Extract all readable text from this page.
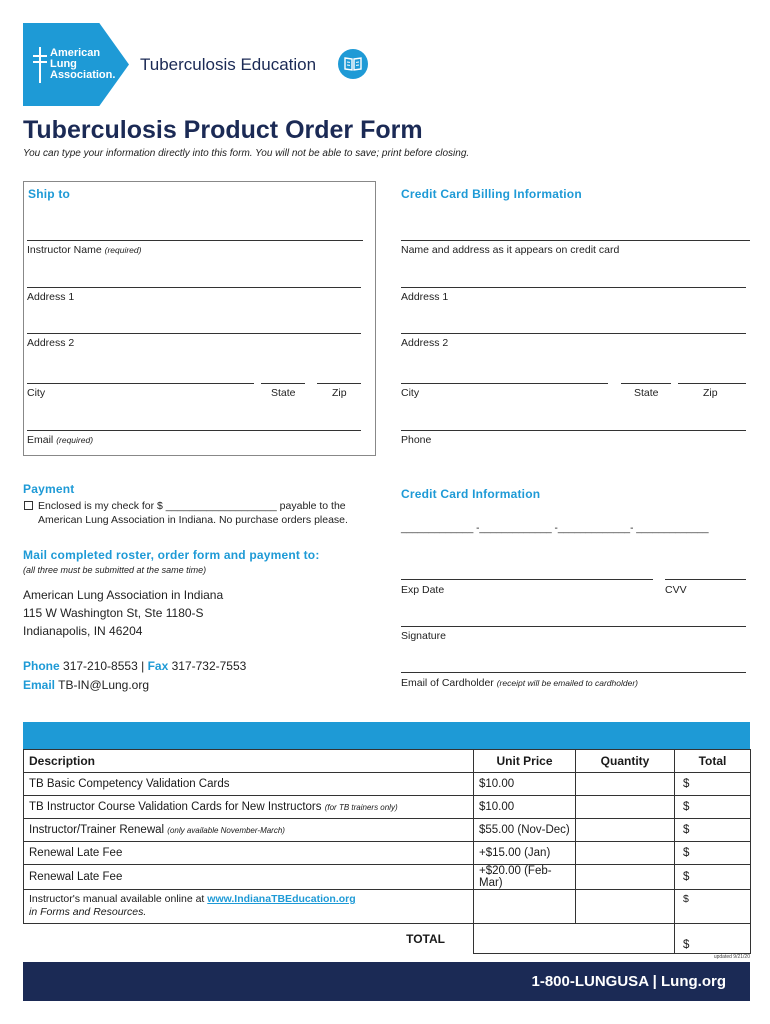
American
Lung
Association.
Tuberculosis Education
Tuberculosis Product Order Form
You can type your information directly into this form. You will not be able to save; print before closing.
Ship to
Instructor Name (required)
Address 1
Address 2
City	State	Zip
Email (required)
Credit Card Billing Information
Name and address as it appears on credit card
Address 1
Address 2
City	State	Zip
Phone
Payment
Enclosed is my check for $ ___________________ payable to the
American Lung Association in Indiana. No purchase orders please.
Credit Card Information
_____________ -_____________ -_____________- _____________
Exp Date	CVV
Signature
Email of Cardholder (receipt will be emailed to cardholder)
Mail completed roster, order form and payment to:
(all three must be submitted at the same time)
American Lung Association in Indiana
115 W Washington St, Ste 1180-S
Indianapolis, IN 46204
Phone 317-210-8553 | Fax 317-732-7553
Email TB-IN@Lung.org
Description	Unit Price	Quantity	Total
TB Basic Competency Validation Cards	$10.00		$
TB Instructor Course Validation Cards for New Instructors (for TB trainers only)	$10.00		$
Instructor/Trainer Renewal (only available November-March)	$55.00 (Nov-Dec)		$
Renewal Late Fee	+$15.00 (Jan)		$
Renewal Late Fee	+$20.00 (Feb-Mar)		$
Instructor's manual available online at www.IndianaTBEducation.org
in Forms and Resources.			$
TOTAL			$
updated 9/21/20
1-800-LUNGUSA | Lung.org
